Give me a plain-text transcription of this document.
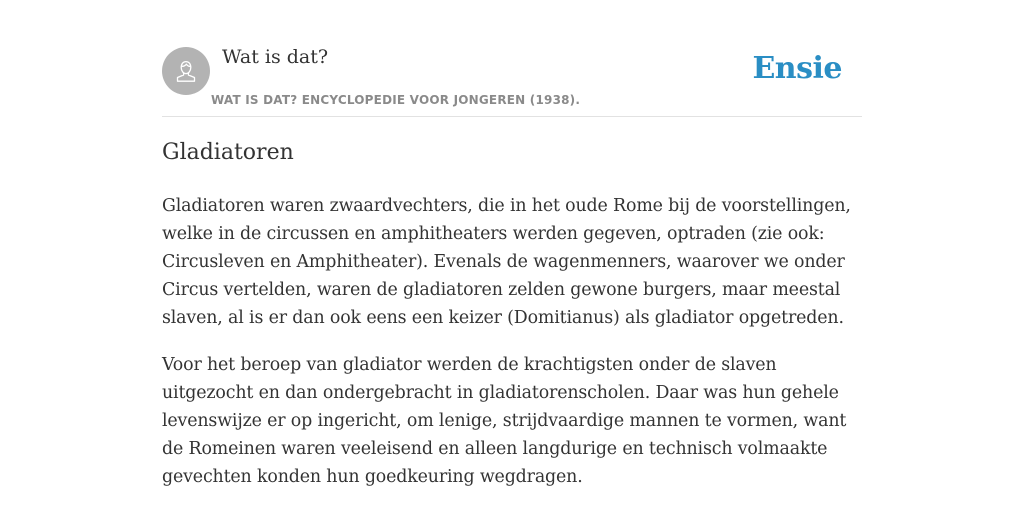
Wat is dat?
WAT IS DAT? ENCYCLOPEDIE VOOR JONGEREN (1938).
Ensie
Gladiatoren

Gladiatoren waren zwaardvechters, die in het oude Rome bij de voorstellingen, welke in de circussen en amphitheaters werden gegeven, optraden (zie ook: Circusleven en Amphitheater). Evenals de wagenmenners, waarover we onder Circus vertelden, waren de gladiatoren zelden gewone burgers, maar meestal slaven, al is er dan ook eens een keizer (Domitianus) als gladiator opgetreden.

Voor het beroep van gladiator werden de krachtigsten onder de slaven uitgezocht en dan ondergebracht in gladiatorenscholen. Daar was hun gehele levenswijze er op ingericht, om lenige, strijdvaardige mannen te vormen, want de Romeinen waren veeleisend en alleen langdurige en technisch volmaakte gevechten konden hun goedkeuring wegdragen.
